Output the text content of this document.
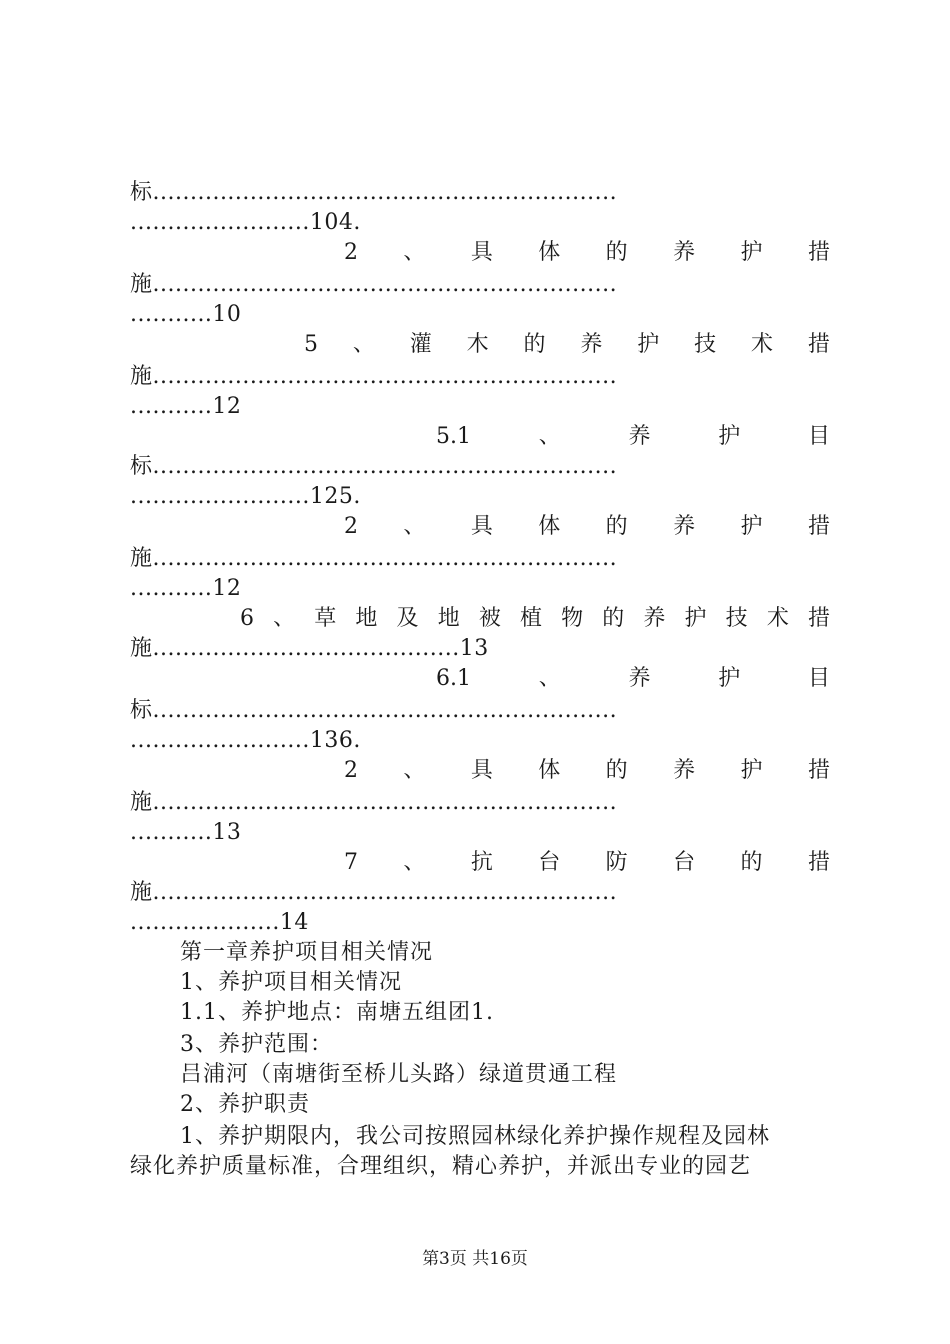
标..............................................................
........................104.
2 、 具 体 的 养 护 措
施..............................................................
...........10
5 、 灌 木 的 养 护 技 术 措
施..............................................................
...........12
5.1	、	养	护	目
标..............................................................
........................125.
2 、 具 体 的 养 护 措
施..............................................................
...........12
6 、 草 地 及 地 被 植 物 的 养 护 技 术 措
施.........................................13
6.1	、	养	护	目
标..............................................................
........................136.
2 、 具 体 的 养 护 措
施..............................................................
...........13
7 、 抗 台 防 台 的 措
施..............................................................
....................14
第一章养护项目相关情况
1、养护项目相关情况
1.1、养护地点：南塘五组团1.
3、养护范围：
吕浦河（南塘街至桥儿头路）绿道贯通工程
2、养护职责
1、养护期限内，我公司按照园林绿化养护操作规程及园林
绿化养护质量标准，合理组织，精心养护，并派出专业的园艺
第3页 共16页
